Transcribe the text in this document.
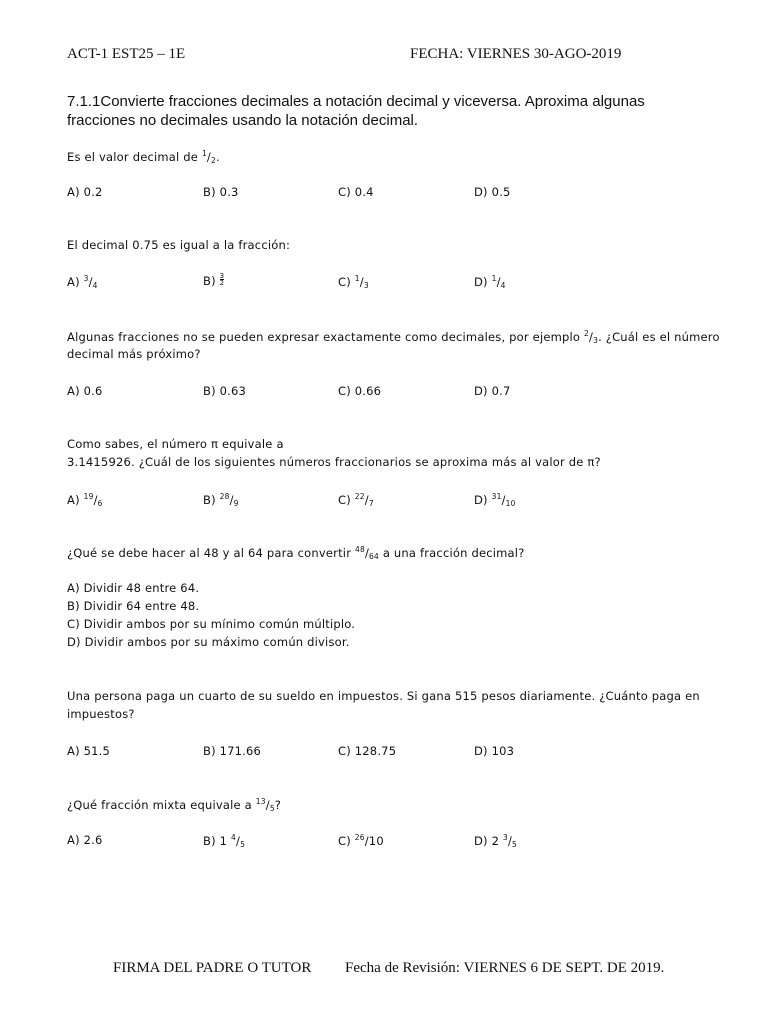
ACT-1 EST25 – 1E	FECHA: VIERNES 30-AGO-2019
7.1.1Convierte fracciones decimales a notación decimal y viceversa. Aproxima algunas
fracciones no decimales usando la notación decimal.
Es el valor decimal de $^1/_2$.
A) 0.2	B) 0.3	C) 0.4	D) 0.5
El decimal 0.75 es igual a la fracción:
A) $^3/_4$	$B) \frac{3}{2}$	C) $^1/_3$	D) $^1/_4$
Algunas fracciones no se pueden expresar exactamente como decimales, por ejemplo $^2/_3$. ¿Cuál es el número
decimal más próximo?
A) 0.6	B) 0.63	C) 0.66	D) 0.7
Como sabes, el número π equivale a
3.1415926. ¿Cuál de los siguientes números fraccionarios se aproxima más al valor de π?
A) $^{19}/_6$	B) $^{28}/_9$	C) $^{22}/_7$	D) $^{31}/_{10}$
¿Qué se debe hacer al 48 y al 64 para convertir $^{48}/_{64}$ a una fracción decimal?
A) Dividir 48 entre 64.
B) Dividir 64 entre 48.
C) Dividir ambos por su mínimo común múltiplo.
D) Dividir ambos por su máximo común divisor.
Una persona paga un cuarto de su sueldo en impuestos. Si gana 515 pesos diariamente. ¿Cuánto paga en
impuestos?
A) 51.5	B) 171.66	C) 128.75	D) 103
¿Qué fracción mixta equivale a $^{13}/_5$?
A) 2.6	B) 1 $^4/_5$	C) $^{26}$/10	D) 2 $^3/_5$
FIRMA DEL PADRE O TUTOR Fecha de Revisión: VIERNES 6 DE SEPT. DE 2019.
